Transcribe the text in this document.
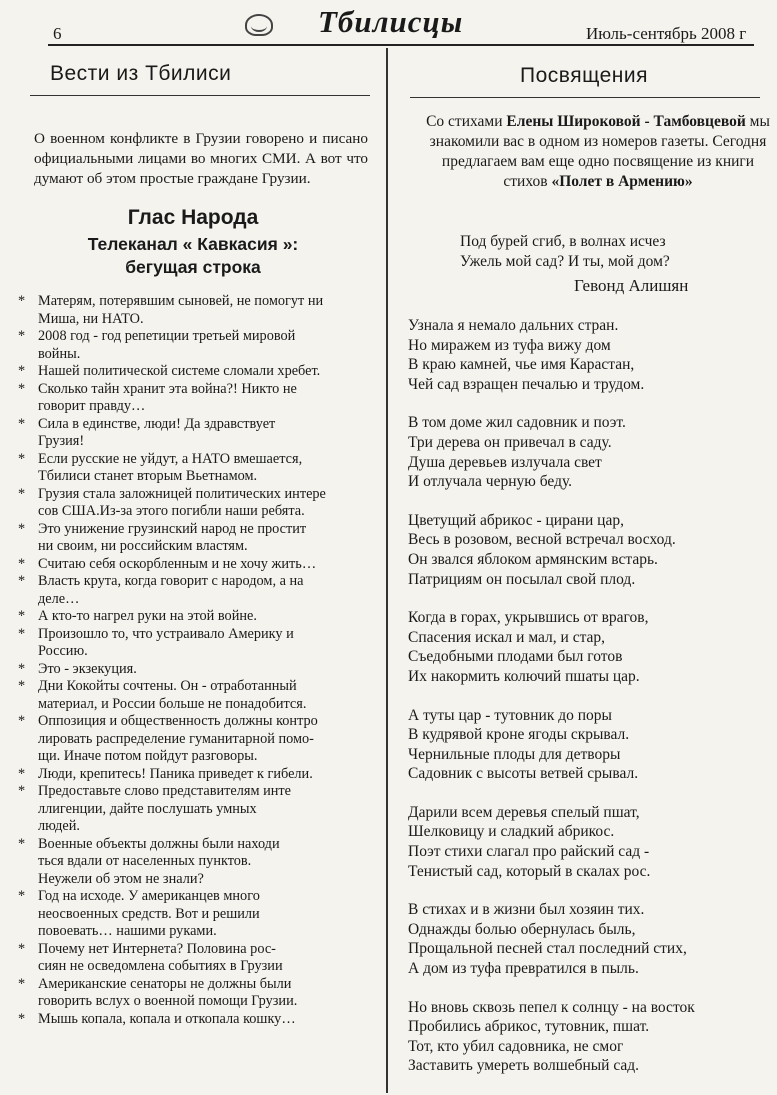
6	Тбилисцы	Июль-сентябрь 2008 г
Вести из Тбилиси
О военном конфликте в Грузии говорено и писано официальными лицами во многих СМИ. А вот что думают об этом простые граждане Грузии.
Глас Народа
Телеканал « Кавкасия »:
бегущая строка
* Матерям, потерявшим сыновей, не помогут ни
Миша, ни НАТО.
* 2008 год - год репетиции третьей мировой
войны.
* Нашей политической системе сломали хребет.
* Сколько тайн хранит эта война?! Никто не
говорит правду…
* Сила в единстве, люди! Да здравствует
Грузия!
* Если русские не уйдут, а НАТО вмешается,
Тбилиси станет вторым Вьетнамом.
* Грузия стала заложницей политических интере
сов США.Из-за этого погибли наши ребята.
* Это унижение грузинский народ не простит
ни своим, ни российским властям.
* Считаю себя оскорбленным и не хочу жить…
* Власть крута, когда говорит с народом, а на
деле…
* А кто-то нагрел руки на этой войне.
* Произошло то, что устраивало Америку и
Россию.
* Это - экзекуция.
* Дни Кокойты сочтены. Он - отработанный
материал, и России больше не понадобится.
* Оппозиция и общественность должны контро
лировать распределение гуманитарной помо-
щи. Иначе потом пойдут разговоры.
* Люди, крепитесь! Паника приведет к гибели.
* Предоставьте слово представителям инте
ллигенции, дайте послушать умных
людей.
* Военные объекты должны были находи
ться вдали от населенных пунктов.
Неужели об этом не знали?
* Год на исходе. У американцев много
неосвоенных средств. Вот и решили
повоевать… нашими руками.
* Почему нет Интернета? Половина рос-
сиян не осведомлена событиях в Грузии
* Американские сенаторы не должны были
говорить вслух о военной помощи Грузии.
* Мышь копала, копала и откопала кошку…
Посвящения
Со стихами Елены Широковой - Тамбовцевой мы знакомили вас в одном из номеров газеты. Сегодня предлагаем вам еще одно посвящение из книги стихов «Полет в Армению»
Под бурей сгиб, в волнах исчез
Ужель мой сад? И ты, мой дом?
Гевонд Алишян
Узнала я немало дальних стран.
Но миражем из туфа вижу дом
В краю камней, чье имя Карастан,
Чей сад взращен печалью и трудом.
В том доме жил садовник и поэт.
Три дерева он привечал в саду.
Душа деревьев излучала свет
И отлучала черную беду.
Цветущий абрикос - цирани цар,
Весь в розовом, весной встречал восход.
Он звался яблоком армянским встарь.
Патрициям он посылал свой плод.
Когда в горах, укрывшись от врагов,
Спасения искал и мал, и стар,
Съедобными плодами был готов
Их накормить колючий пшаты цар.
А туты цар - тутовник до поры
В кудрявой кроне ягоды скрывал.
Чернильные плоды для детворы
Садовник с высоты ветвей срывал.
Дарили всем деревья спелый пшат,
Шелковицу и сладкий абрикос.
Поэт стихи слагал про райский сад -
Тенистый сад, который в скалах рос.
В стихах и в жизни был хозяин тих.
Однажды болью обернулась быль,
Прощальной песней стал последний стих,
А дом из туфа превратился в пыль.
Но вновь сквозь пепел к солнцу - на восток
Пробились абрикос, тутовник, пшат.
Тот, кто убил садовника, не смог
Заставить умереть волшебный сад.
